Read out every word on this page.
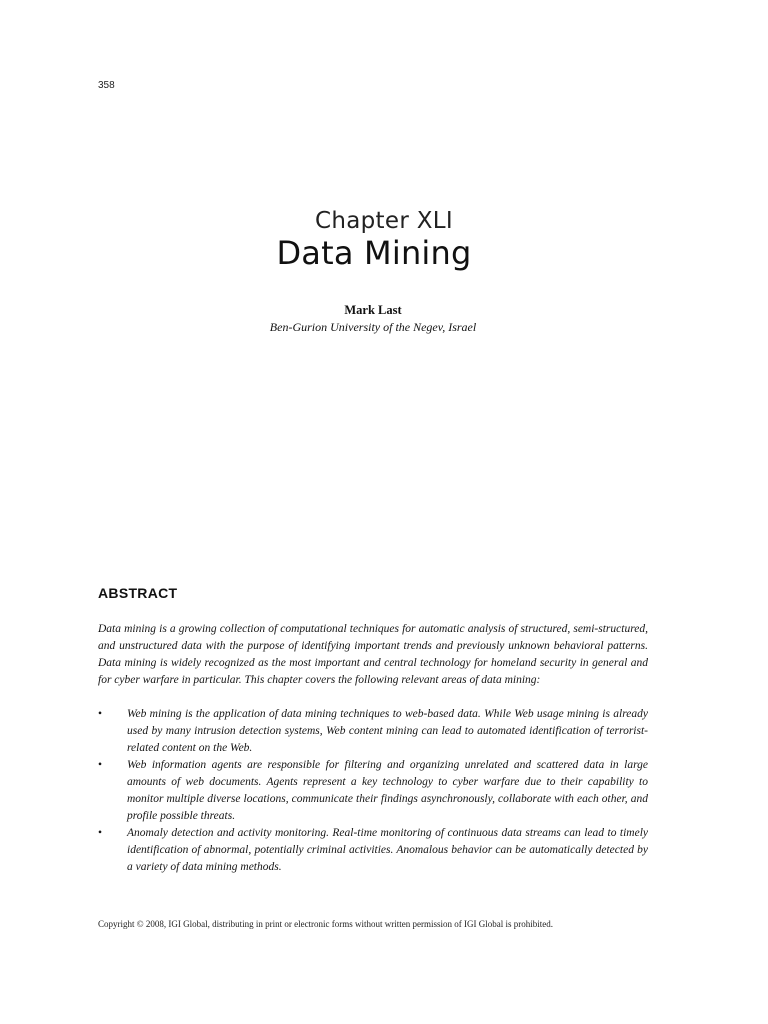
358
Chapter XLI
Data Mining
Mark Last
Ben-Gurion University of the Negev, Israel
ABSTRACT

Data mining is a growing collection of computational techniques for automatic analysis of structured, semi-structured, and unstructured data with the purpose of identifying important trends and previously unknown behavioral patterns. Data mining is widely recognized as the most important and central technology for homeland security in general and for cyber warfare in particular. This chapter covers the following relevant areas of data mining:

• Web mining is the application of data mining techniques to web-based data. While Web usage mining is already used by many intrusion detection systems, Web content mining can lead to automated identification of terrorist-related content on the Web.
• Web information agents are responsible for filtering and organizing unrelated and scattered data in large amounts of web documents. Agents represent a key technology to cyber warfare due to their capability to monitor multiple diverse locations, communicate their findings asynchronously, collaborate with each other, and profile possible threats.
• Anomaly detection and activity monitoring. Real-time monitoring of continuous data streams can lead to timely identification of abnormal, potentially criminal activities. Anomalous behavior can be automatically detected by a variety of data mining methods.
Copyright © 2008, IGI Global, distributing in print or electronic forms without written permission of IGI Global is prohibited.
